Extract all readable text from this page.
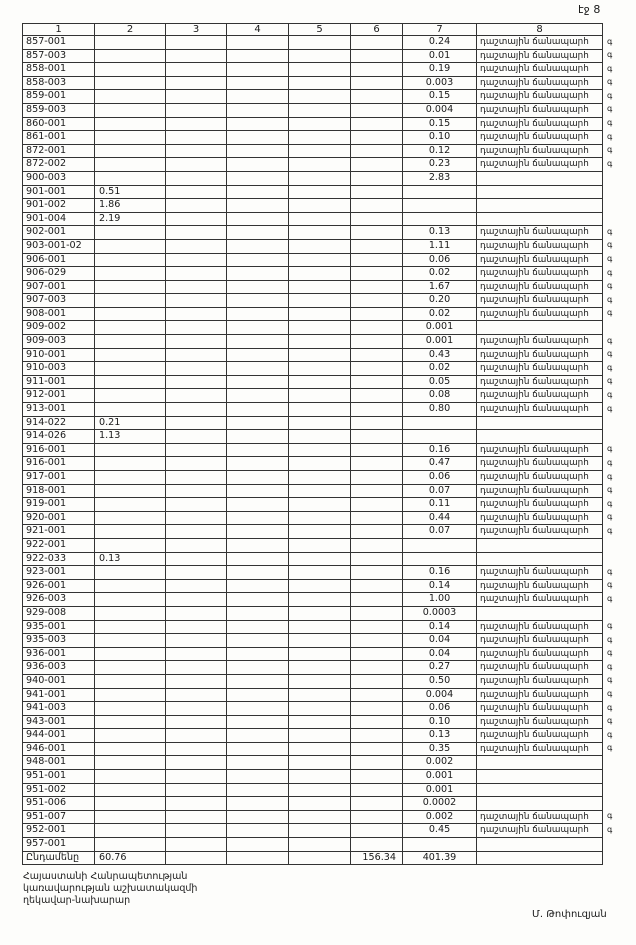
էջ 8
1	2	3	4	5	6	7	8
857-001						0.24	դաշտային ճանապարհ
857-003						0.01	դաշտային ճանապարհ
858-001						0.19	դաշտային ճանապարհ
858-003						0.003	դաշտային ճանապարհ
859-001						0.15	դաշտային ճանապարհ
859-003						0.004	դաշտային ճանապարհ
860-001						0.15	դաշտային ճանապարհ
861-001						0.10	դաշտային ճանապարհ
872-001						0.12	դաշտային ճանապարհ
872-002						0.23	դաշտային ճանապարհ
900-003						2.83	
901-001	0.51						
901-002	1.86						
901-004	2.19						
902-001						0.13	դաշտային ճանապարհ
903-001-02						1.11	դաշտային ճանապարհ
906-001						0.06	դաշտային ճանապարհ
906-029						0.02	դաշտային ճանապարհ
907-001						1.67	դաշտային ճանապարհ
907-003						0.20	դաշտային ճանապարհ
908-001						0.02	դաշտային ճանապարհ
909-002						0.001	
909-003						0.001	դաշտային ճանապարհ
910-001						0.43	դաշտային ճանապարհ
910-003						0.02	դաշտային ճանապարհ
911-001						0.05	դաշտային ճանապարհ
912-001						0.08	դաշտային ճանապարհ
913-001						0.80	դաշտային ճանապարհ
914-022	0.21						
914-026	1.13						
916-001						0.16	դաշտային ճանապարհ
916-001						0.47	դաշտային ճանապարհ
917-001						0.06	դաշտային ճանապարհ
918-001						0.07	դաշտային ճանապարհ
919-001						0.11	դաշտային ճանապարհ
920-001						0.44	դաշտային ճանապարհ
921-001						0.07	դաշտային ճանապարհ
922-001							
922-033	0.13						
923-001						0.16	դաշտային ճանապարհ
926-001						0.14	դաշտային ճանապարհ
926-003						1.00	դաշտային ճանապարհ
929-008						0.0003	
935-001						0.14	դաշտային ճանապարհ
935-003						0.04	դաշտային ճանապարհ
936-001						0.04	դաշտային ճանապարհ
936-003						0.27	դաշտային ճանապարհ
940-001						0.50	դաշտային ճանապարհ
941-001						0.004	դաշտային ճանապարհ
941-003						0.06	դաշտային ճանապարհ
943-001						0.10	դաշտային ճանապարհ
944-001						0.13	դաշտային ճանապարհ
946-001						0.35	դաշտային ճանապարհ
948-001						0.002	
951-001						0.001	
951-002						0.001	
951-006						0.0002	
951-007						0.002	դաշտային ճանապարհ
952-001						0.45	դաշտային ճանապարհ
957-001							
Ընդամենը	60.76				156.34	401.39	
գ
գ
գ
գ
գ
գ
գ
գ
գ
գ
գ
գ
գ
գ
գ
գ
գ
գ
գ
գ
գ
գ
գ
գ
գ
գ
գ
գ
գ
գ
գ
գ
գ
գ
գ
գ
գ
գ
գ
գ
գ
գ
գ
գ
գ
Հայաստանի Հանրապետության
կառավարության աշխատակազմի
ղեկավար-նախարար
Մ. Թոփուզյան
